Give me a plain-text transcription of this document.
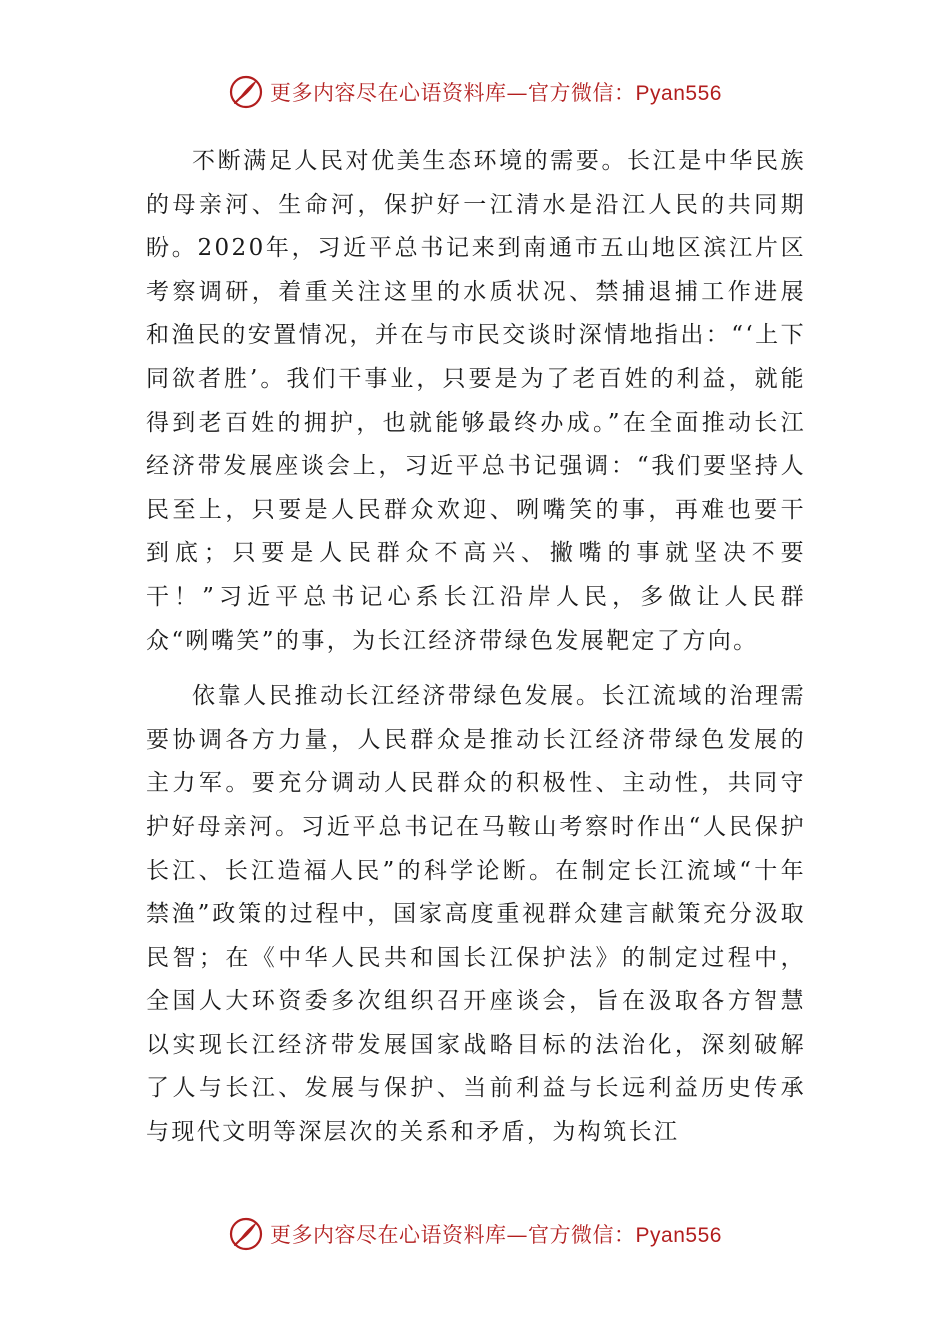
更多内容尽在心语资料库—官方微信：Pyan556

不断满足人民对优美生态环境的需要。长江是中华民族的母亲河、生命河，保护好一江清水是沿江人民的共同期盼。2020年，习近平总书记来到南通市五山地区滨江片区考察调研，着重关注这里的水质状况、禁捕退捕工作进展和渔民的安置情况，并在与市民交谈时深情地指出：“‘上下同欲者胜’。我们干事业，只要是为了老百姓的利益，就能得到老百姓的拥护，也就能够最终办成。”在全面推动长江经济带发展座谈会上，习近平总书记强调：“我们要坚持人民至上，只要是人民群众欢迎、咧嘴笑的事，再难也要干到底；只要是人民群众不高兴、撇嘴的事就坚决不要干！”习近平总书记心系长江沿岸人民，多做让人民群众“咧嘴笑”的事，为长江经济带绿色发展靶定了方向。

依靠人民推动长江经济带绿色发展。长江流域的治理需要协调各方力量，人民群众是推动长江经济带绿色发展的主力军。要充分调动人民群众的积极性、主动性，共同守护好母亲河。习近平总书记在马鞍山考察时作出“人民保护长江、长江造福人民”的科学论断。在制定长江流域“十年禁渔”政策的过程中，国家高度重视群众建言献策充分汲取民智；在《中华人民共和国长江保护法》的制定过程中，全国人大环资委多次组织召开座谈会，旨在汲取各方智慧以实现长江经济带发展国家战略目标的法治化，深刻破解了人与长江、发展与保护、当前利益与长远利益历史传承与现代文明等深层次的关系和矛盾，为构筑长江

更多内容尽在心语资料库—官方微信：Pyan556
